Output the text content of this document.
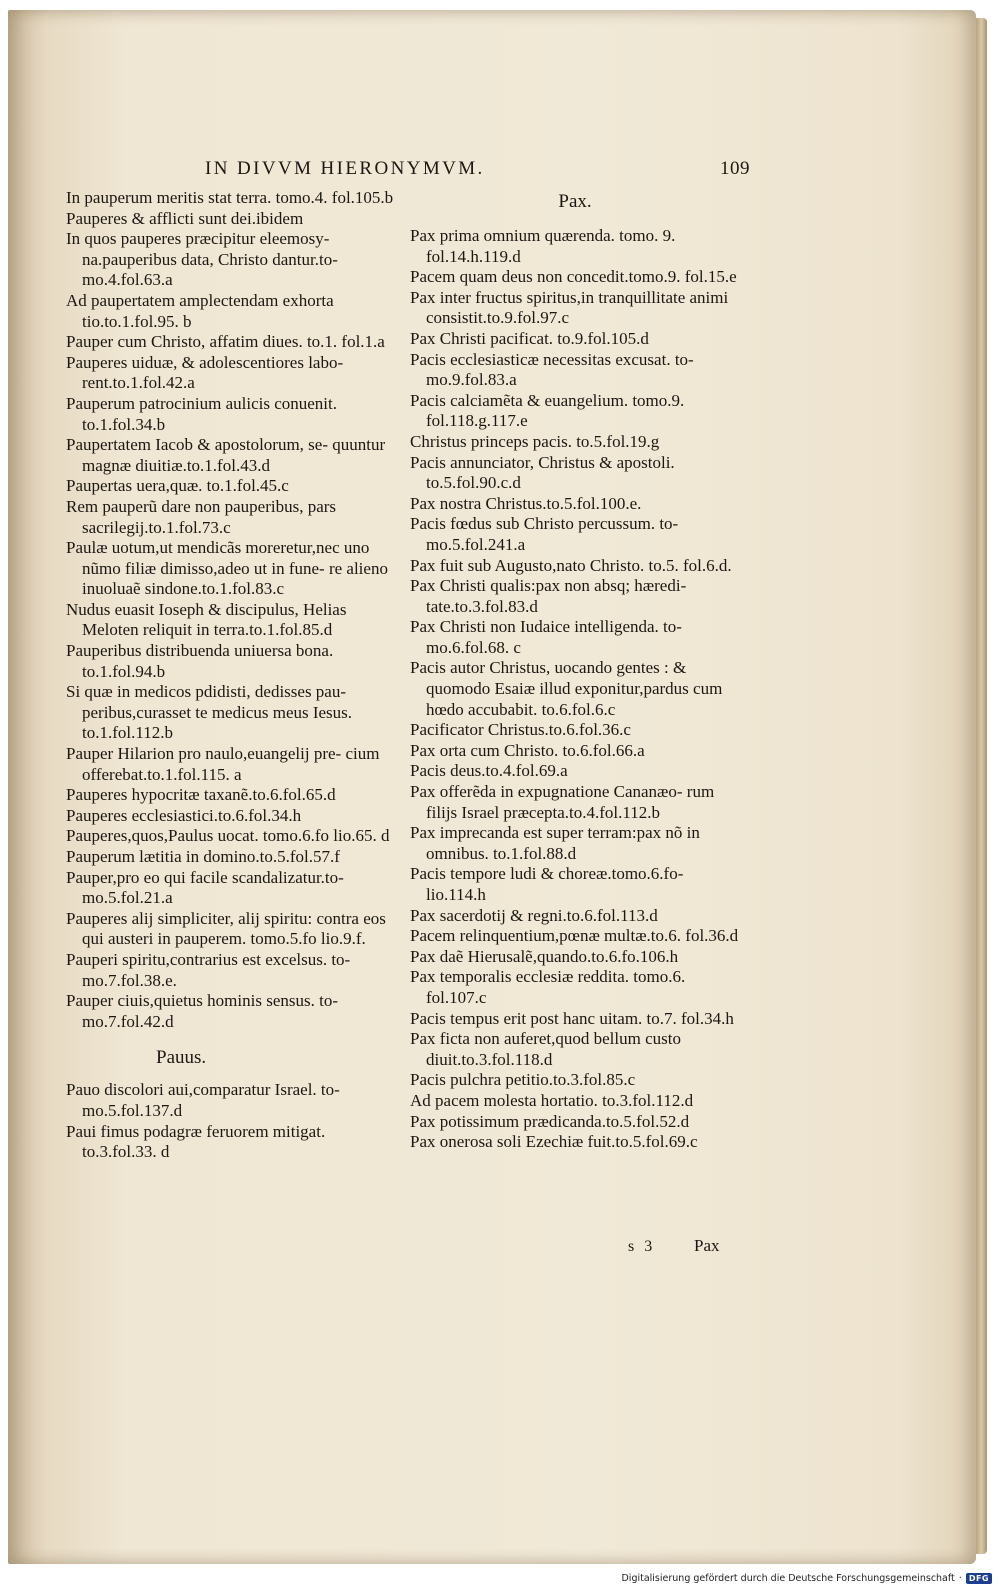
IN DIVVM HIERONYMVM.	109

In pauperum meritis stat terra. tomo.4. fol.105.b

Pauperes & afflicti sunt dei.ibidem

In quos pauperes præcipitur eleemosy- na.pauperibus data, Christo dantur.to- mo.4.fol.63.a

Ad paupertatem amplectendam exhorta tio.to.1.fol.95. b

Pauper cum Christo, affatim diues. to.1. fol.1.a

Pauperes uiduæ, & adolescentiores labo- rent.to.1.fol.42.a

Pauperum patrocinium aulicis conuenit. to.1.fol.34.b

Paupertatem Iacob & apostolorum, se- quuntur magnæ diuitiæ.to.1.fol.43.d

Paupertas uera,quæ. to.1.fol.45.c

Rem pauperũ dare non pauperibus, pars sacrilegij.to.1.fol.73.c

Paulæ uotum,ut mendicãs moreretur,nec uno nũmo filiæ dimisso,adeo ut in fune- re alieno inuoluaẽ sindone.to.1.fol.83.c

Nudus euasit Ioseph & discipulus, Helias Meloten reliquit in terra.to.1.fol.85.d

Pauperibus distribuenda uniuersa bona. to.1.fol.94.b

Si quæ in medicos pdidisti, dedisses pau- peribus,curasset te medicus meus Iesus. to.1.fol.112.b

Pauper Hilarion pro naulo,euangelij pre- cium offerebat.to.1.fol.115. a

Pauperes hypocritæ taxanẽ.to.6.fol.65.d

Pauperes ecclesiastici.to.6.fol.34.h

Pauperes,quos,Paulus uocat. tomo.6.fo lio.65. d

Pauperum lætitia in domino.to.5.fol.57.f

Pauper,pro eo qui facile scandalizatur.to- mo.5.fol.21.a

Pauperes alij simpliciter, alij spiritu: contra eos qui austeri in pauperem. tomo.5.fo lio.9.f.

Pauperi spiritu,contrarius est excelsus. to- mo.7.fol.38.e.

Pauper ciuis,quietus hominis sensus. to- mo.7.fol.42.d

Pauus.

Pauo discolori aui,comparatur Israel. to- mo.5.fol.137.d

Paui fimus podagræ feruorem mitigat. to.3.fol.33. d

Pax.

Pax prima omnium quærenda. tomo. 9. fol.14.h.119.d

Pacem quam deus non concedit.tomo.9. fol.15.e

Pax inter fructus spiritus,in tranquillitate animi consistit.to.9.fol.97.c

Pax Christi pacificat. to.9.fol.105.d

Pacis ecclesiasticæ necessitas excusat. to- mo.9.fol.83.a

Pacis calciamẽta & euangelium. tomo.9. fol.118.g.117.e

Christus princeps pacis. to.5.fol.19.g

Pacis annunciator, Christus & apostoli. to.5.fol.90.c.d

Pax nostra Christus.to.5.fol.100.e.

Pacis fœdus sub Christo percussum. to- mo.5.fol.241.a

Pax fuit sub Augusto,nato Christo. to.5. fol.6.d.

Pax Christi qualis:pax non absq; hæredi- tate.to.3.fol.83.d

Pax Christi non Iudaice intelligenda. to- mo.6.fol.68. c

Pacis autor Christus, uocando gentes : & quomodo Esaiæ illud exponitur,pardus cum hœdo accubabit. to.6.fol.6.c

Pacificator Christus.to.6.fol.36.c

Pax orta cum Christo. to.6.fol.66.a

Pacis deus.to.4.fol.69.a

Pax offerẽda in expugnatione Cananæo- rum filijs Israel præcepta.to.4.fol.112.b

Pax imprecanda est super terram:pax nõ in omnibus. to.1.fol.88.d

Pacis tempore ludi & choreæ.tomo.6.fo- lio.114.h

Pax sacerdotij & regni.to.6.fol.113.d

Pacem relinquentium,pœnæ multæ.to.6. fol.36.d

Pax daẽ Hierusalẽ,quando.to.6.fo.106.h

Pax temporalis ecclesiæ reddita. tomo.6. fol.107.c

Pacis tempus erit post hanc uitam. to.7. fol.34.h

Pax ficta non auferet,quod bellum custo diuit.to.3.fol.118.d

Pacis pulchra petitio.to.3.fol.85.c

Ad pacem molesta hortatio. to.3.fol.112.d

Pax potissimum prædicanda.to.5.fol.52.d

Pax onerosa soli Ezechiæ fuit.to.5.fol.69.c

s 3 Pax
Digitalisierung gefördert durch die Deutsche Forschungsgemeinschaft · DFG
